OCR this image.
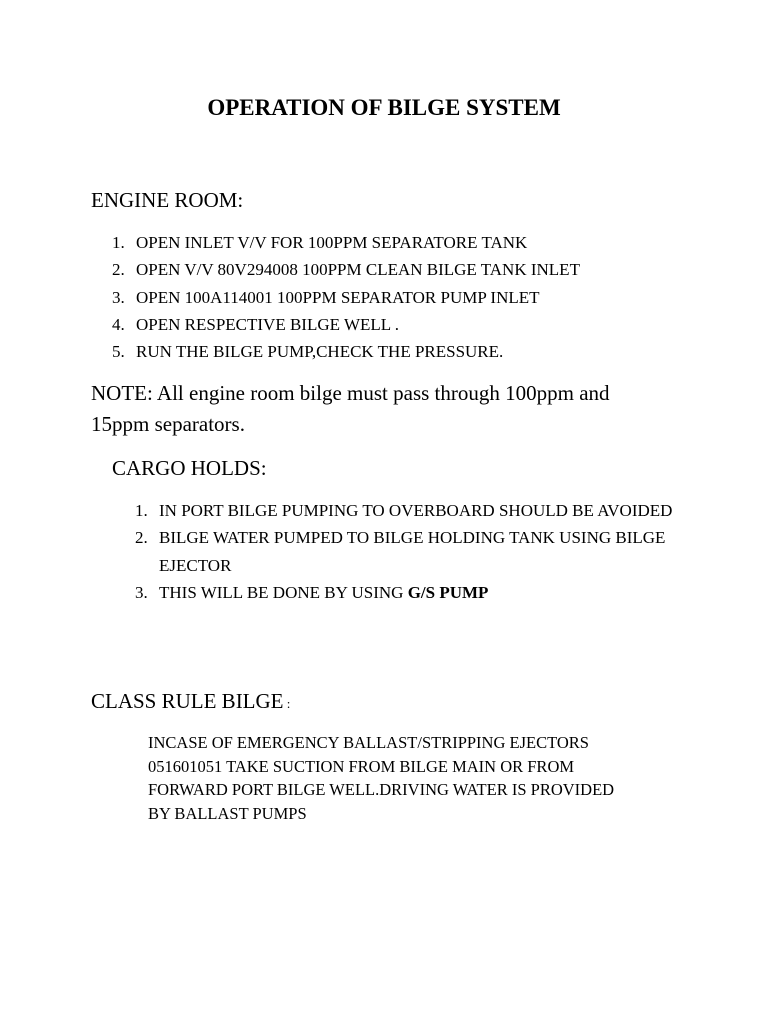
OPERATION OF BILGE SYSTEM
ENGINE ROOM:
1. OPEN INLET V/V FOR 100PPM SEPARATORE TANK
2. OPEN V/V 80V294008 100PPM CLEAN BILGE TANK INLET
3. OPEN 100A114001 100PPM SEPARATOR PUMP INLET
4. OPEN RESPECTIVE BILGE WELL .
5. RUN THE BILGE PUMP,CHECK THE PRESSURE.
NOTE: All engine room bilge must pass through 100ppm and 15ppm separators.
CARGO HOLDS:
1. IN PORT BILGE PUMPING TO OVERBOARD SHOULD BE AVOIDED
2. BILGE WATER PUMPED TO BILGE HOLDING TANK USING BILGE EJECTOR
3. THIS WILL BE DONE BY USING G/S PUMP
CLASS RULE BILGE :
INCASE OF EMERGENCY BALLAST/STRIPPING EJECTORS
051601051 TAKE SUCTION FROM BILGE MAIN OR FROM
FORWARD PORT BILGE WELL.DRIVING WATER IS PROVIDED
BY BALLAST PUMPS
